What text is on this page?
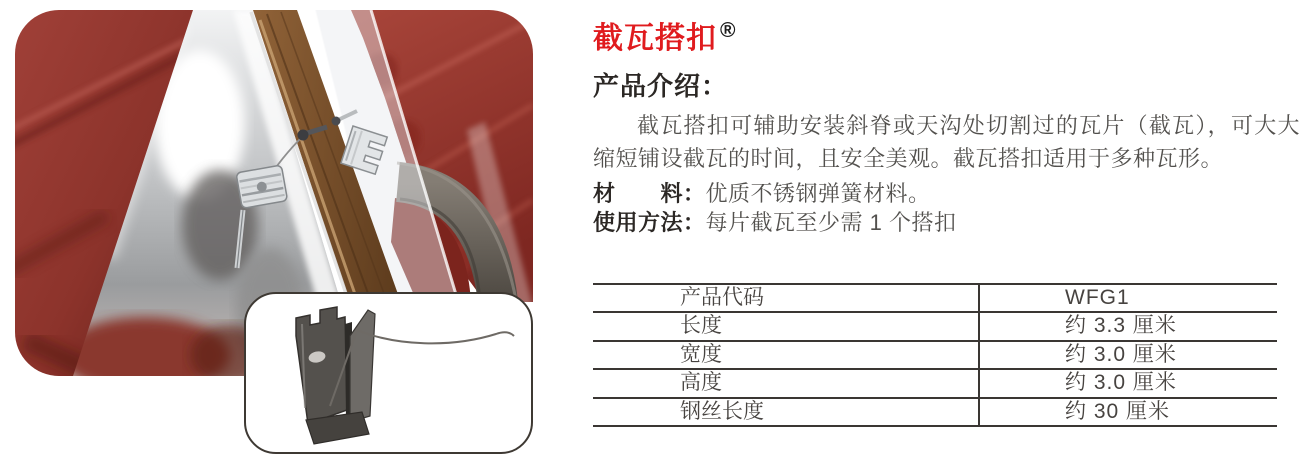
截瓦搭扣 ®
产品介绍：

截瓦搭扣可辅助安装斜脊或天沟处切割过的瓦片（截瓦），可大大缩短铺设截瓦的时间，且安全美观。截瓦搭扣适用于多种瓦形。

材　　料：优质不锈钢弹簧材料。

使用方法：每片截瓦至少需 1 个搭扣

产品代码	WFG1
长度	约 3.3 厘米
宽度	约 3.0 厘米
高度	约 3.0 厘米
钢丝长度	约 30 厘米
